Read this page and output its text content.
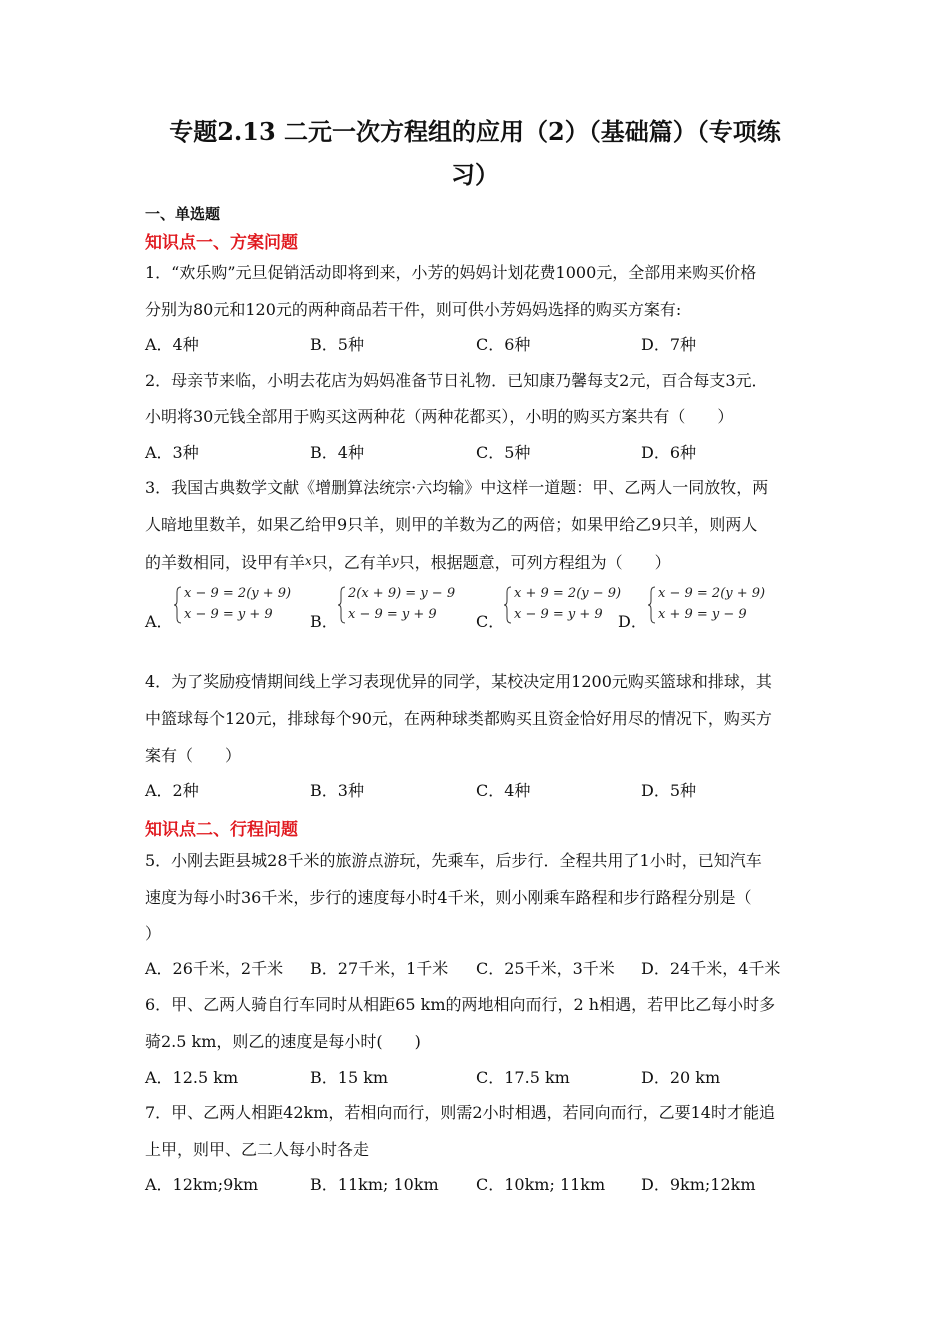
专题2.13 二元一次方程组的应用（2）（基础篇）（专项练
习）
一、单选题
知识点一、方案问题
1．“欢乐购”元旦促销活动即将到来，小芳的妈妈计划花费1000元，全部用来购买价格
分别为80元和120元的两种商品若干件，则可供小芳妈妈选择的购买方案有:
A．4种	B．5种	C．6种	D．7种
2．母亲节来临，小明去花店为妈妈准备节日礼物．已知康乃馨每支2元，百合每支3元．
小明将30元钱全部用于购买这两种花（两种花都买），小明的购买方案共有（　　）
A．3种	B．4种	C．5种	D．6种
3．我国古典数学文献《增删算法统宗·六均输》中这样一道题：甲、乙两人一同放牧，两
人暗地里数羊，如果乙给甲9只羊，则甲的羊数为乙的两倍；如果甲给乙9只羊，则两人
的羊数相同，设甲有羊x只，乙有羊y只，根据题意，可列方程组为（　　）
A．
x − 9 = 2(y + 9)
x − 9 = y + 9 B．
2(x + 9) = y − 9
x − 9 = y + 9 C．
x + 9 = 2(y − 9)
x − 9 = y + 9 D．
x − 9 = 2(y + 9)
x + 9 = y − 9
4．为了奖励疫情期间线上学习表现优异的同学，某校决定用1200元购买篮球和排球，其
中篮球每个120元，排球每个90元，在两种球类都购买且资金恰好用尽的情况下，购买方
案有（　　）
A．2种	B．3种	C．4种	D．5种
知识点二、行程问题
5．小刚去距县城28千米的旅游点游玩，先乘车，后步行．全程共用了1小时，已知汽车
速度为每小时36千米，步行的速度每小时4千米，则小刚乘车路程和步行路程分别是（
）
A．26千米，2千米 B．27千米，1千米 C．25千米，3千米 D．24千米，4千米
6．甲、乙两人骑自行车同时从相距65 km的两地相向而行，2 h相遇，若甲比乙每小时多
骑2.5 km，则乙的速度是每小时(　　)
A．12.5 km	B．15 km	C．17.5 km	D．20 km
7．甲、乙两人相距42km，若相向而行，则需2小时相遇，若同向而行，乙要14时才能追
上甲，则甲、乙二人每小时各走
A．12km;9km	B．11km; 10km C．10km; 11km D．9km;12km
